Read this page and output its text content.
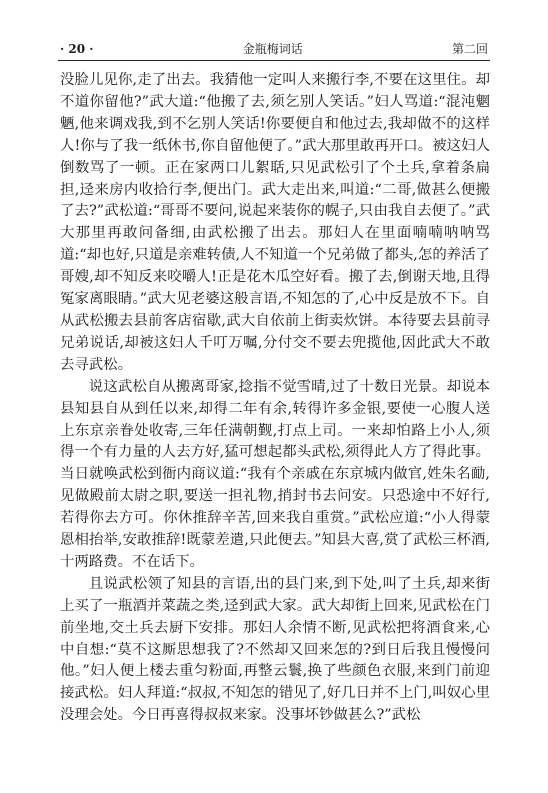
· 20 ·	金瓶梅词话	第二回

没脸儿见你,走了出去。我猜他一定叫人来搬行李,不要在这里住。却不道你留他?”武大道:“他搬了去,须乞别人笑话。”妇人骂道:“混沌魍魉,他来调戏我,到不乞别人笑话!你要便自和他过去,我却做不的这样人!你与了我一纸休书,你自留他便了。”武大那里敢再开口。被这妇人倒数骂了一顿。正在家两口儿絮聒,只见武松引了个土兵,拿着条扁担,迳来房内收拾行李,便出门。武大走出来,叫道:“二哥,做甚么便搬了去?”武松道:“哥哥不要问,说起来装你的幌子,只由我自去便了。”武大那里再敢问备细,由武松搬了出去。那妇人在里面喃喃呐呐骂道:“却也好,只道是亲难转债,人不知道一个兄弟做了都头,怎的养活了哥嫂,却不知反来咬嚼人!正是花木瓜空好看。搬了去,倒谢天地,且得冤家离眼睛。”武大见老婆这般言语,不知怎的了,心中反是放不下。自从武松搬去县前客店宿歇,武大自依前上街卖炊饼。本待要去县前寻兄弟说话,却被这妇人千叮万嘱,分付交不要去兜揽他,因此武大不敢去寻武松。

说这武松自从搬离哥家,捻指不觉雪晴,过了十数日光景。却说本县知县自从到任以来,却得二年有余,转得许多金银,要使一心腹人送上东京亲眷处收寄,三年任满朝觐,打点上司。一来却怕路上小人,须得一个有力量的人去方好,猛可想起都头武松,须得此人方了得此事。当日就唤武松到衙内商议道:“我有个亲戚在东京城内做官,姓朱名勔,见做殿前太尉之职,要送一担礼物,捎封书去问安。只恐途中不好行,若得你去方可。你休推辞辛苦,回来我自重赏。”武松应道:“小人得蒙恩相抬举,安敢推辞!既蒙差遣,只此便去。”知县大喜,赏了武松三杯酒,十两路费。不在话下。

且说武松领了知县的言语,出的县门来,到下处,叫了土兵,却来街上买了一瓶酒并菜蔬之类,迳到武大家。武大却街上回来,见武松在门前坐地,交土兵去厨下安排。那妇人余情不断,见武松把将酒食来,心中自想:“莫不这厮思想我了?不然却又回来怎的?到日后我且慢慢问他。”妇人便上楼去重匀粉面,再整云鬟,换了些颜色衣服,来到门前迎接武松。妇人拜道:“叔叔,不知怎的错见了,好几日并不上门,叫奴心里没理会处。今日再喜得叔叔来家。没事坏钞做甚么?”武松
